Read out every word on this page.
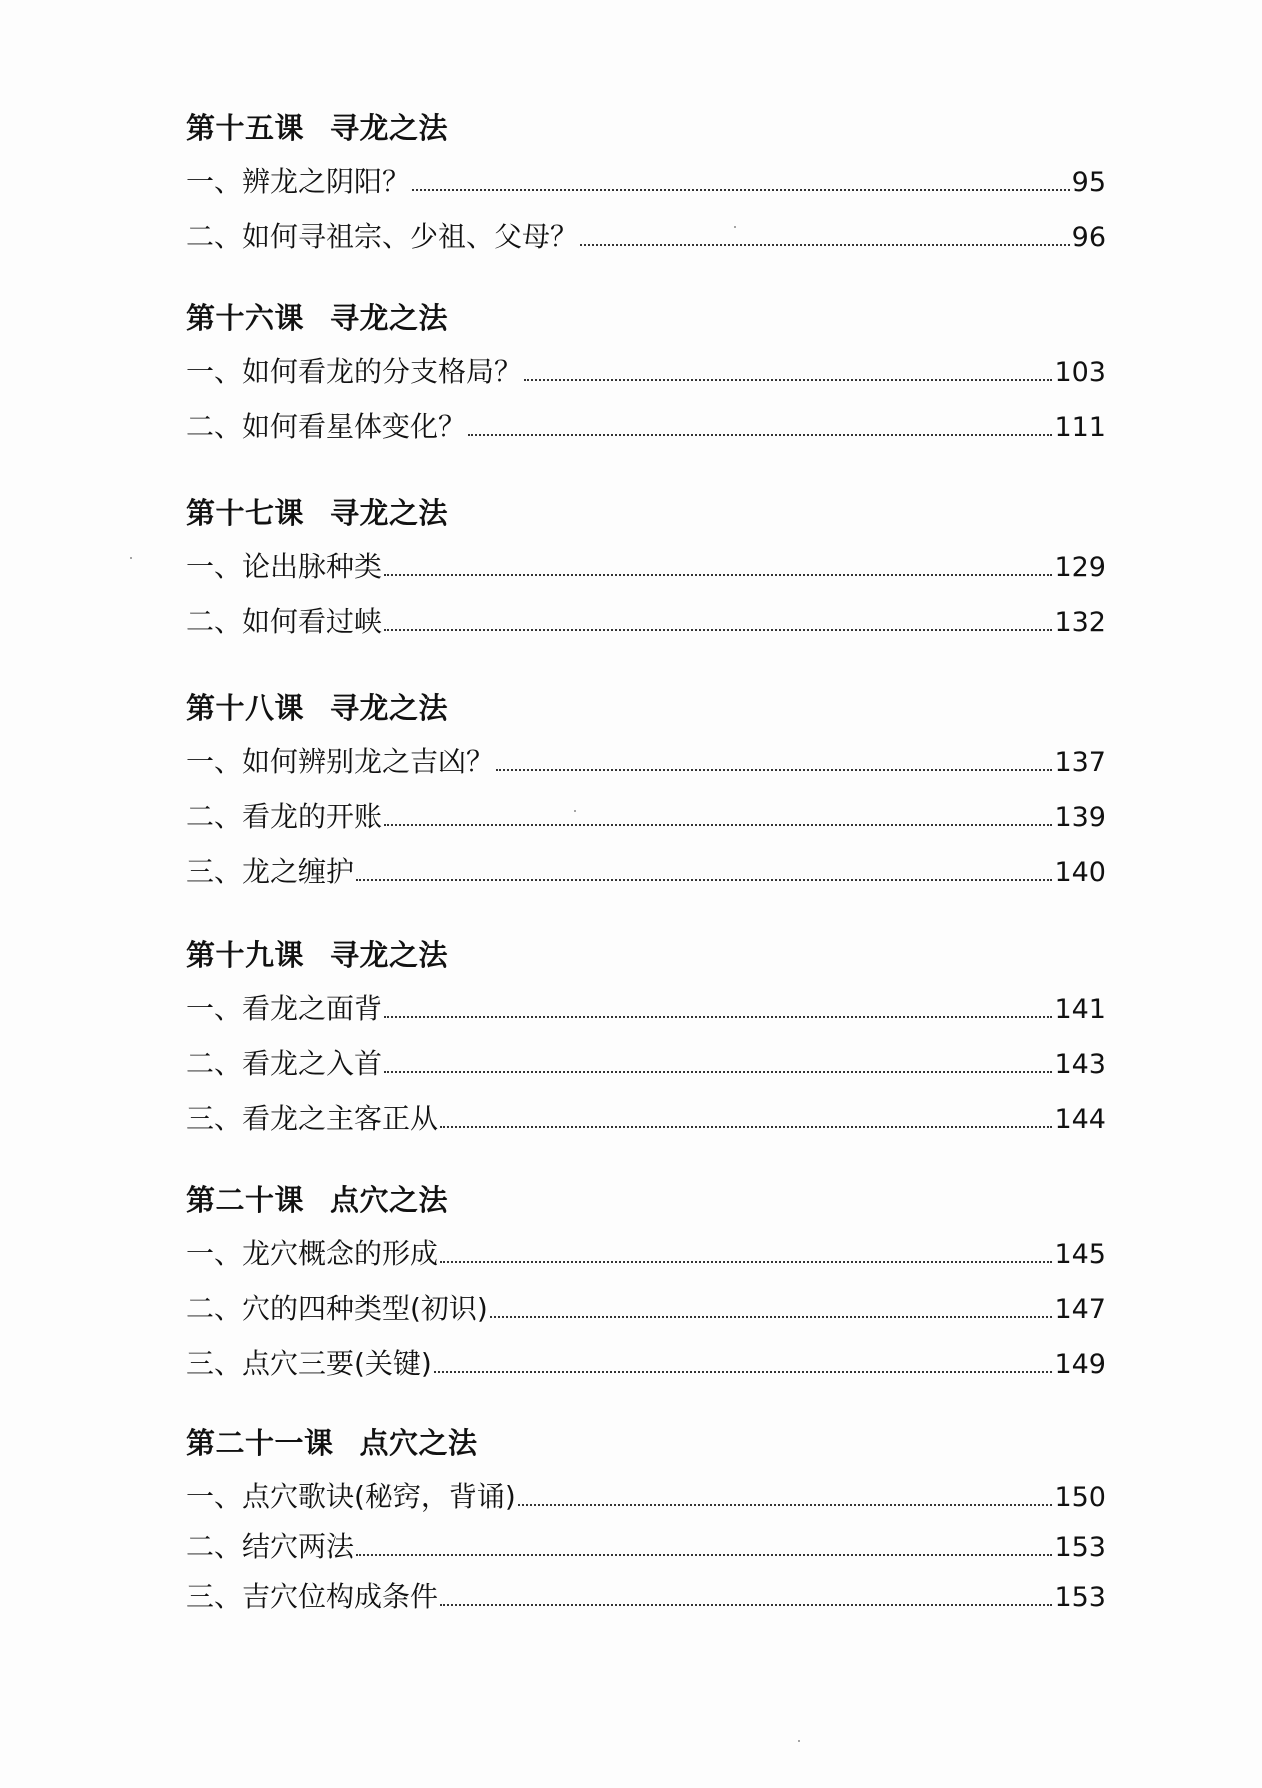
第十五课 寻龙之法
一、辨龙之阴阳？	95
二、如何寻祖宗、少祖、父母？	96
第十六课 寻龙之法
一、如何看龙的分支格局？	103
二、如何看星体变化？	111
第十七课 寻龙之法
一、论出脉种类	129
二、如何看过峡	132
第十八课 寻龙之法
一、如何辨别龙之吉凶？	137
二、看龙的开账	139
三、龙之缠护	140
第十九课 寻龙之法
一、看龙之面背	141
二、看龙之入首	143
三、看龙之主客正从	144
第二十课 点穴之法
一、龙穴概念的形成	145
二、穴的四种类型(初识)	147
三、点穴三要(关键)	149
第二十一课 点穴之法
一、点穴歌诀(秘窍，背诵)	150
二、结穴两法	153
三、吉穴位构成条件	153
